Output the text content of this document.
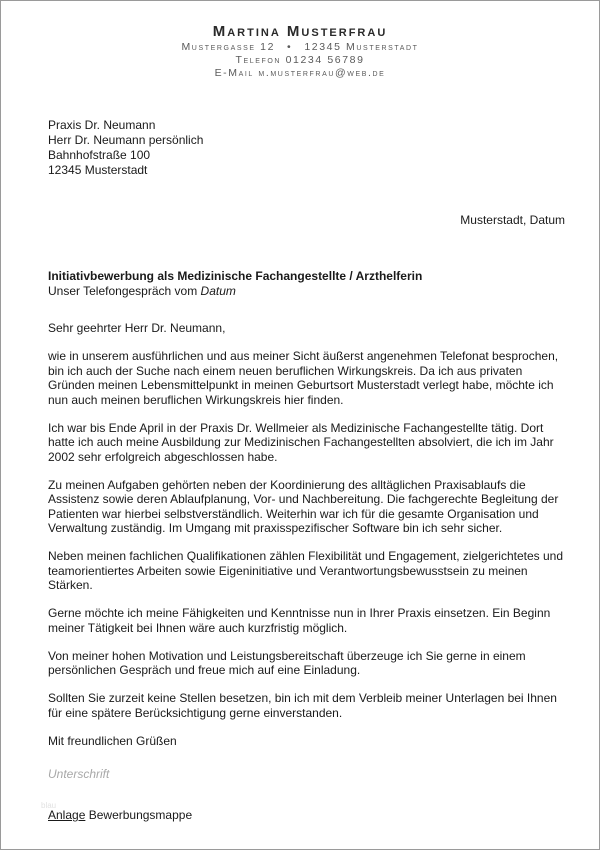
Martina Musterfrau
Mustergasse 12 • 12345 Musterstadt
Telefon 01234 56789
E-Mail m.musterfrau@web.de
Praxis Dr. Neumann
Herr Dr. Neumann persönlich
Bahnhofstraße 100
12345 Musterstadt
Musterstadt, Datum
Initiativbewerbung als Medizinische Fachangestellte / Arzthelferin
Unser Telefongespräch vom Datum

Sehr geehrter Herr Dr. Neumann,

wie in unserem ausführlichen und aus meiner Sicht äußerst angenehmen Telefonat besprochen, bin ich auch der Suche nach einem neuen beruflichen Wirkungskreis. Da ich aus privaten Gründen meinen Lebensmittelpunkt in meinen Geburtsort Musterstadt verlegt habe, möchte ich nun auch meinen beruflichen Wirkungskreis hier finden.

Ich war bis Ende April in der Praxis Dr. Wellmeier als Medizinische Fachangestellte tätig. Dort hatte ich auch meine Ausbildung zur Medizinischen Fachangestellten absolviert, die ich im Jahr 2002 sehr erfolgreich abgeschlossen habe.

Zu meinen Aufgaben gehörten neben der Koordinierung des alltäglichen Praxisablaufs die Assistenz sowie deren Ablaufplanung, Vor- und Nachbereitung. Die fachgerechte Begleitung der Patienten war hierbei selbstverständlich. Weiterhin war ich für die gesamte Organisation und Verwaltung zuständig. Im Umgang mit praxisspezifischer Software bin ich sehr sicher.

Neben meinen fachlichen Qualifikationen zählen Flexibilität und Engagement, zielgerichtetes und teamorientiertes Arbeiten sowie Eigeninitiative und Verantwortungsbewusstsein zu meinen Stärken.

Gerne möchte ich meine Fähigkeiten und Kenntnisse nun in Ihrer Praxis einsetzen. Ein Beginn meiner Tätigkeit bei Ihnen wäre auch kurzfristig möglich.

Von meiner hohen Motivation und Leistungsbereitschaft überzeuge ich Sie gerne in einem persönlichen Gespräch und freue mich auf eine Einladung.

Sollten Sie zurzeit keine Stellen besetzen, bin ich mit dem Verbleib meiner Unterlagen bei Ihnen für eine spätere Berücksichtigung gerne einverstanden.

Mit freundlichen Grüßen

Unterschrift
blau
Anlage Bewerbungsmappe
